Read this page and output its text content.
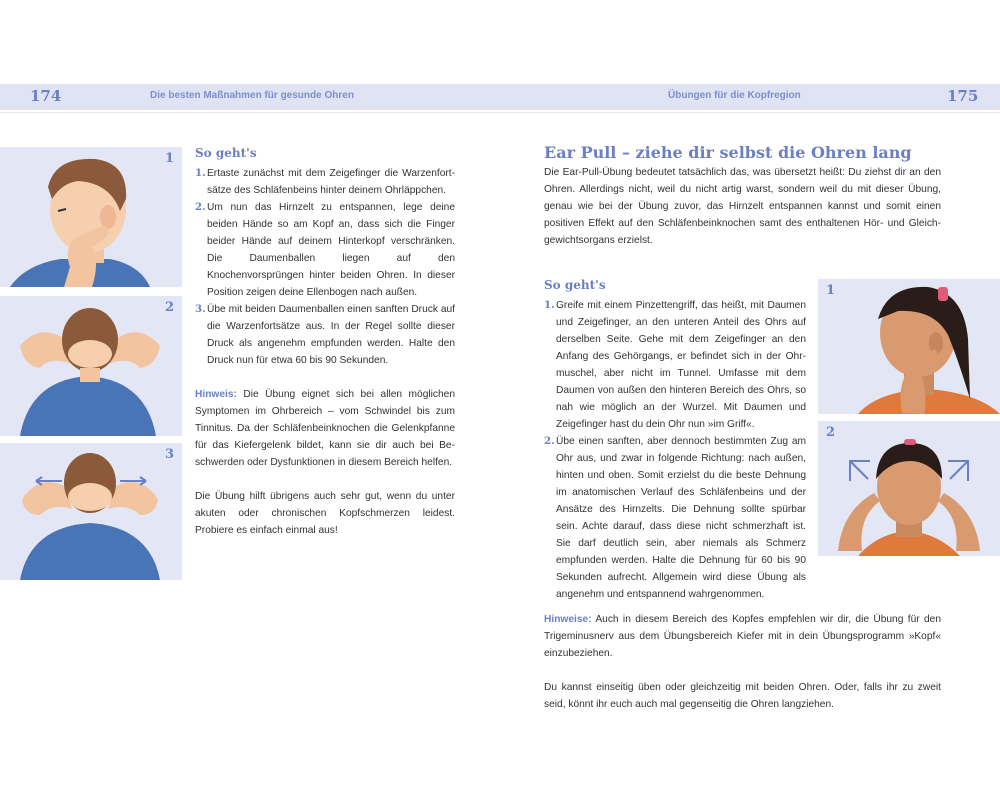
174	Die besten Maßnahmen für gesunde Ohren	Übungen für die Kopfregion	175
1
2
3
So geht's
1. Ertaste zunächst mit dem Zeigefinger die Warzenfortsätze des Schläfenbeins hinter deinem Ohrläppchen.
2. Um nun das Hirnzelt zu entspannen, lege deine beiden Hände so am Kopf an, dass sich die Finger beider Hände auf deinem Hinterkopf verschränken. Die Daumenballen liegen auf den Knochenvorsprüngen hinter beiden Ohren. In dieser Position zeigen deine Ellenbogen nach außen.
3. Übe mit beiden Daumenballen einen sanften Druck auf die Warzenfortsätze aus. In der Regel sollte dieser Druck als angenehm empfunden werden. Halte den Druck nun für etwa 60 bis 90 Sekunden.

Hinweis: Die Übung eignet sich bei allen möglichen Symptomen im Ohrbereich – vom Schwindel bis zum Tinnitus. Da der Schläfenbeinknochen die Gelenkpfanne für das Kiefergelenk bildet, kann sie dir auch bei Beschwerden oder Dysfunktionen in diesem Bereich helfen.

Die Übung hilft übrigens auch sehr gut, wenn du unter akuten oder chronischen Kopfschmerzen leidest. Probiere es einfach einmal aus!

Ear Pull – ziehe dir selbst die Ohren lang

Die Ear-Pull-Übung bedeutet tatsächlich das, was übersetzt heißt: Du ziehst dir an den Ohren. Allerdings nicht, weil du nicht artig warst, sondern weil du mit dieser Übung, genau wie bei der Übung zuvor, das Hirnzelt entspannen kannst und somit einen positiven Effekt auf den Schläfenbeinknochen samt des enthaltenen Hör- und Gleichgewichtsorgans erzielst.

So geht's
1. Greife mit einem Pinzettengriff, das heißt, mit Daumen und Zeigefinger, an den unteren Anteil des Ohrs auf derselben Seite. Gehe mit dem Zeigefinger an den Anfang des Gehörgangs, er befindet sich in der Ohrmuschel, aber nicht im Tunnel. Umfasse mit dem Daumen von außen den hinteren Bereich des Ohrs, so nah wie möglich an der Wurzel. Mit Daumen und Zeigefinger hast du dein Ohr nun »im Griff«.
2. Übe einen sanften, aber dennoch bestimmten Zug am Ohr aus, und zwar in folgende Richtung: nach außen, hinten und oben. Somit erzielst du die beste Dehnung im anatomischen Verlauf des Schläfenbeins und der Ansätze des Hirnzelts. Die Dehnung sollte spürbar sein. Achte darauf, dass diese nicht schmerzhaft ist. Sie darf deutlich sein, aber niemals als Schmerz empfunden werden. Halte die Dehnung für 60 bis 90 Sekunden aufrecht. Allgemein wird diese Übung als angenehm und entspannend wahrgenommen.

Hinweise: Auch in diesem Bereich des Kopfes empfehlen wir dir, die Übung für den Trigeminusnerv aus dem Übungsbereich Kiefer mit in dein Übungsprogramm »Kopf« einzubeziehen.

Du kannst einseitig üben oder gleichzeitig mit beiden Ohren. Oder, falls ihr zu zweit seid, könnt ihr euch auch mal gegenseitig die Ohren langziehen.

1
2
